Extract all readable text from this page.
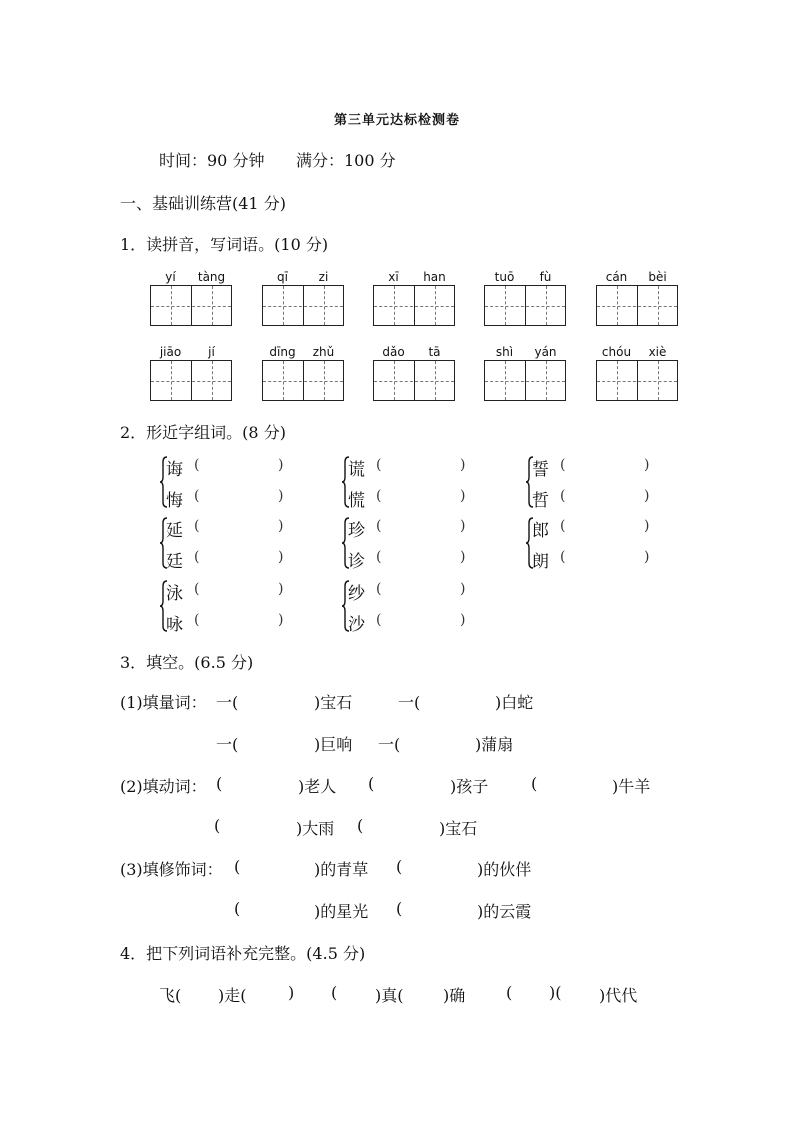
第三单元达标检测卷
时间：90 分钟 满分：100 分
一、基础训练营(41 分)
1．读拼音，写词语。(10 分)
yí	tàng	qī	zi	xī	han	tuō	fù	cán	bèi
jiāo	jí	dīng	zhǔ	dǎo	tā	shì	yán	chóu	xiè
2．形近字组词。(8 分)
诲 (	)
悔 (	)
谎 (	)
慌 (	)
誓 (	)
哲 (	)
延 (	)
廷 (	)
珍 (	)
诊 (	)
郎 (	)
朗 (	)
泳 (	)
咏 (	)
纱 (	)
沙 (	)
3．填空。(6.5 分)
(1)填量词： 一(	)宝石	一(	)白蛇
一(	)巨响 一(	)蒲扇
(2)填动词： (	)老人 (	)孩子	(	)牛羊
(	)大雨 (	)宝石
(3)填修饰词： (	)的青草 (	)的伙伴
(	)的星光 (	)的云霞
4．把下列词语补充完整。(4.5 分)
飞( )走(	) ( )真( )确	( )( )代代
